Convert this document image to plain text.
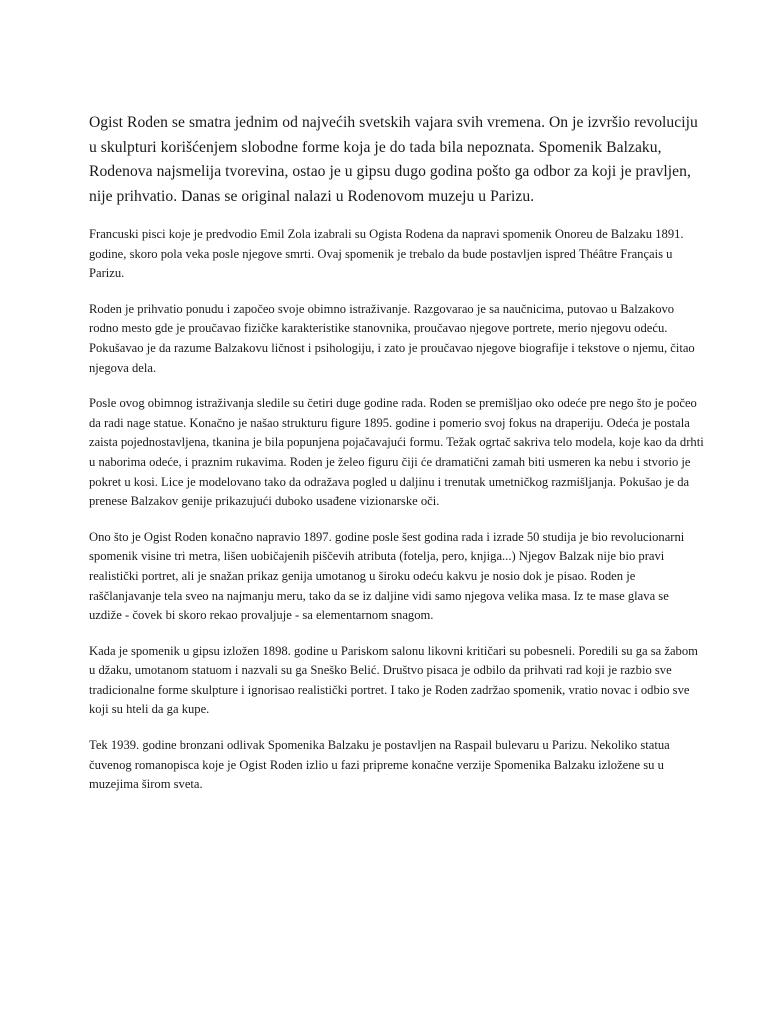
Ogist Roden se smatra jednim od najvećih svetskih vajara svih vremena. On je izvršio revoluciju u skulpturi korišćenjem slobodne forme koja je do tada bila nepoznata. Spomenik Balzaku, Rodenova najsmelija tvorevina, ostao je u gipsu dugo godina pošto ga odbor za koji je pravljen, nije prihvatio. Danas se original nalazi u Rodenovom muzeju u Parizu.

Francuski pisci koje je predvodio Emil Zola izabrali su Ogista Rodena da napravi spomenik Onoreu de Balzaku 1891. godine, skoro pola veka posle njegove smrti. Ovaj spomenik je trebalo da bude postavljen ispred Théâtre Français u Parizu.

Roden je prihvatio ponudu i započeo svoje obimno istraživanje. Razgovarao je sa naučnicima, putovao u Balzakovo rodno mesto gde je proučavao fizičke karakteristike stanovnika, proučavao njegove portrete, merio njegovu odeću. Pokušavao je da razume Balzakovu ličnost i psihologiju, i zato je proučavao njegove biografije i tekstove o njemu, čitao njegova dela.

Posle ovog obimnog istraživanja sledile su četiri duge godine rada. Roden se premišljao oko odeće pre nego što je počeo da radi nage statue. Konačno je našao strukturu figure 1895. godine i pomerio svoj fokus na draperiju. Odeća je postala zaista pojednostavljena, tkanina je bila popunjena pojačavajući formu. Težak ogrtač sakriva telo modela, koje kao da drhti u naborima odeće, i praznim rukavima. Roden je želeo figuru čiji će dramatični zamah biti usmeren ka nebu i stvorio je pokret u kosi. Lice je modelovano tako da odražava pogled u daljinu i trenutak umetničkog razmišljanja. Pokušao je da prenese Balzakov genije prikazujući duboko usađene vizionarske oči.

Ono što je Ogist Roden konačno napravio 1897. godine posle šest godina rada i izrade 50 studija je bio revolucionarni spomenik visine tri metra, lišen uobičajenih piščevih atributa (fotelja, pero, knjiga...) Njegov Balzak nije bio pravi realistički portret, ali je snažan prikaz genija umotanog u široku odeću kakvu je nosio dok je pisao. Roden je raščlanjavanje tela sveo na najmanju meru, tako da se iz daljine vidi samo njegova velika masa. Iz te mase glava se uzdiže - čovek bi skoro rekao provaljuje - sa elementarnom snagom.

Kada je spomenik u gipsu izložen 1898. godine u Pariskom salonu likovni kritičari su pobesneli. Poredili su ga sa žabom u džaku, umotanom statuom i nazvali su ga Sneško Belić. Društvo pisaca je odbilo da prihvati rad koji je razbio sve tradicionalne forme skulpture i ignorisao realistički portret. I tako je Roden zadržao spomenik, vratio novac i odbio sve koji su hteli da ga kupe.

Tek 1939. godine bronzani odlivak Spomenika Balzaku je postavljen na Raspail bulevaru u Parizu. Nekoliko statua čuvenog romanopisca koje je Ogist Roden izlio u fazi pripreme konačne verzije Spomenika Balzaku izložene su u muzejima širom sveta.
